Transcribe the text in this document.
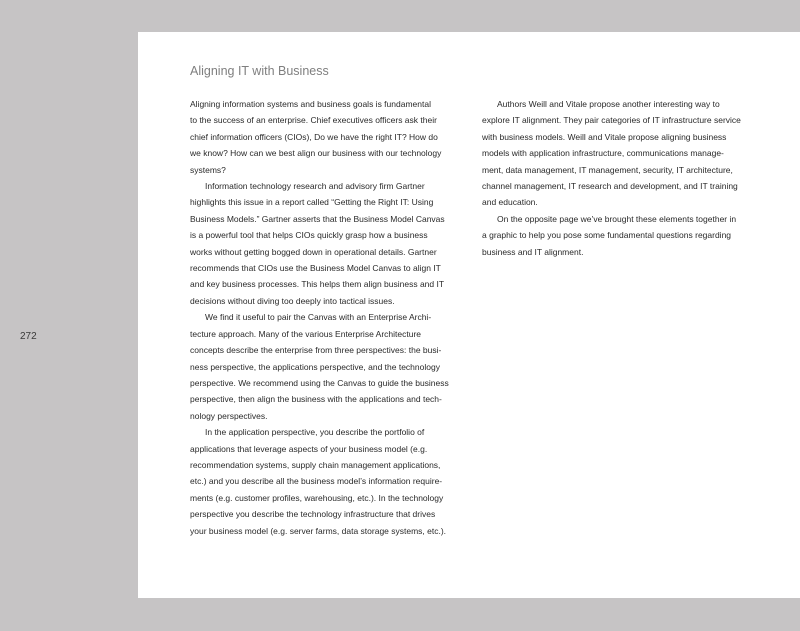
272
Aligning IT with Business
Aligning information systems and business goals is fundamental
to the success of an enterprise. Chief executives officers ask their
chief information officers (CIOs), Do we have the right IT? How do
we know? How can we best align our business with our technology
systems?
Information technology research and advisory firm Gartner
highlights this issue in a report called “Getting the Right IT: Using
Business Models.” Gartner asserts that the Business Model Canvas
is a powerful tool that helps CIOs quickly grasp how a business
works without getting bogged down in operational details. Gartner
recommends that CIOs use the Business Model Canvas to align IT
and key business processes. This helps them align business and IT
decisions without diving too deeply into tactical issues.
We find it useful to pair the Canvas with an Enterprise Archi-
tecture approach. Many of the various Enterprise Architecture
concepts describe the enterprise from three perspectives: the busi-
ness perspective, the applications perspective, and the technology
perspective. We recommend using the Canvas to guide the business
perspective, then align the business with the applications and tech-
nology perspectives.
In the application perspective, you describe the portfolio of
applications that leverage aspects of your business model (e.g.
recommendation systems, supply chain management applications,
etc.) and you describe all the business model’s information require-
ments (e.g. customer profiles, warehousing, etc.). In the technology
perspective you describe the technology infrastructure that drives
your business model (e.g. server farms, data storage systems, etc.).
Authors Weill and Vitale propose another interesting way to
explore IT alignment. They pair categories of IT infrastructure service
with business models. Weill and Vitale propose aligning business
models with application infrastructure, communications manage-
ment, data management, IT management, security, IT architecture,
channel management, IT research and development, and IT training
and education.
On the opposite page we’ve brought these elements together in
a graphic to help you pose some fundamental questions regarding
business and IT alignment.
